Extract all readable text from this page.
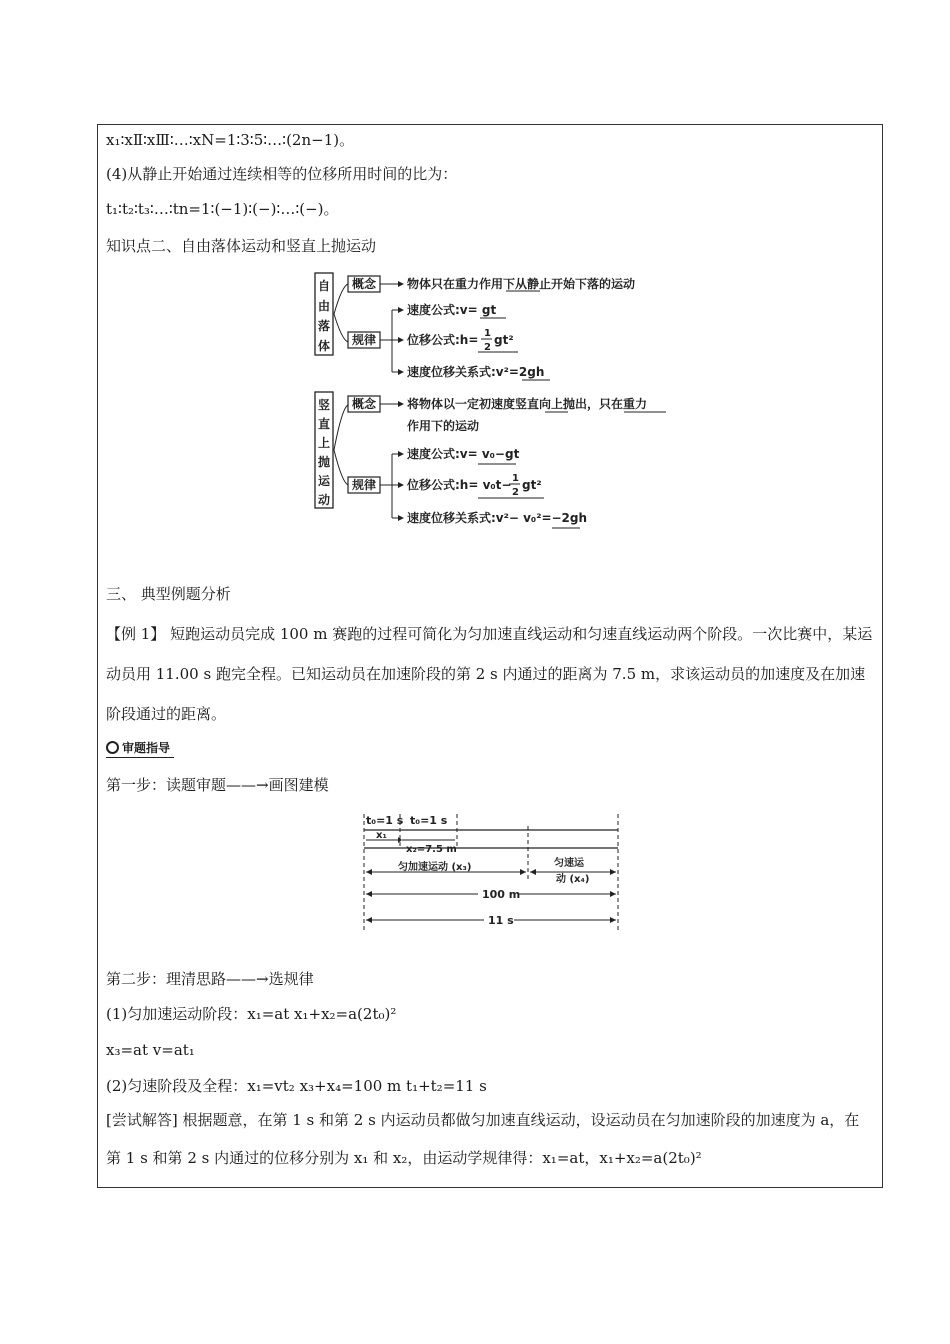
x₁∶xⅡ∶xⅢ∶…∶xN=1∶3∶5∶…∶(2n−1)。
(4)从静止开始通过连续相等的位移所用时间的比为：
t₁∶t₂∶t₃∶…∶tn=1∶(−1)∶(−)∶…∶(−)。
知识点二、自由落体运动和竖直上抛运动
自
由
落
体
概念	物体只在重力作用下从静止开始下落的运动
规律
速度公式:v= gt
位移公式:h= 1
2
gt²
速度位移关系式:v²=2gh
竖
直
上
抛
运
动
概念	将物体以一定初速度竖直向上抛出，只在重力
作用下的运动
规律
速度公式:v= v₀−gt
位移公式:h= v₀t− 1
2
gt²
速度位移关系式:v²− v₀²=−2gh
三、 典型例题分析
【例 1】 短跑运动员完成 100 m 赛跑的过程可简化为匀加速直线运动和匀速直线运动两个阶段。一次比赛中，某运动员用 11.00 s 跑完全程。已知运动员在加速阶段的第 2 s 内通过的距离为 7.5 m，求该运动员的加速度及在加速阶段通过的距离。
审题指导
第一步：读题审题——→画图建模
t₀=1 s t₀=1 s
x₁
x₂=7.5 m
匀加速运动 (x₃)	匀速运
动 (x₄)
100 m
11 s
第二步：理清思路——→选规律
(1)匀加速运动阶段：x₁=at x₁+x₂=a(2t₀)²
x₃=at v=at₁
(2)匀速阶段及全程：x₁=vt₂ x₃+x₄=100 m t₁+t₂=11 s
[尝试解答] 根据题意，在第 1 s 和第 2 s 内运动员都做匀加速直线运动，设运动员在匀加速阶段的加速度为 a，在第 1 s 和第 2 s 内通过的位移分别为 x₁ 和 x₂，由运动学规律得：x₁=at，x₁+x₂=a(2t₀)²
